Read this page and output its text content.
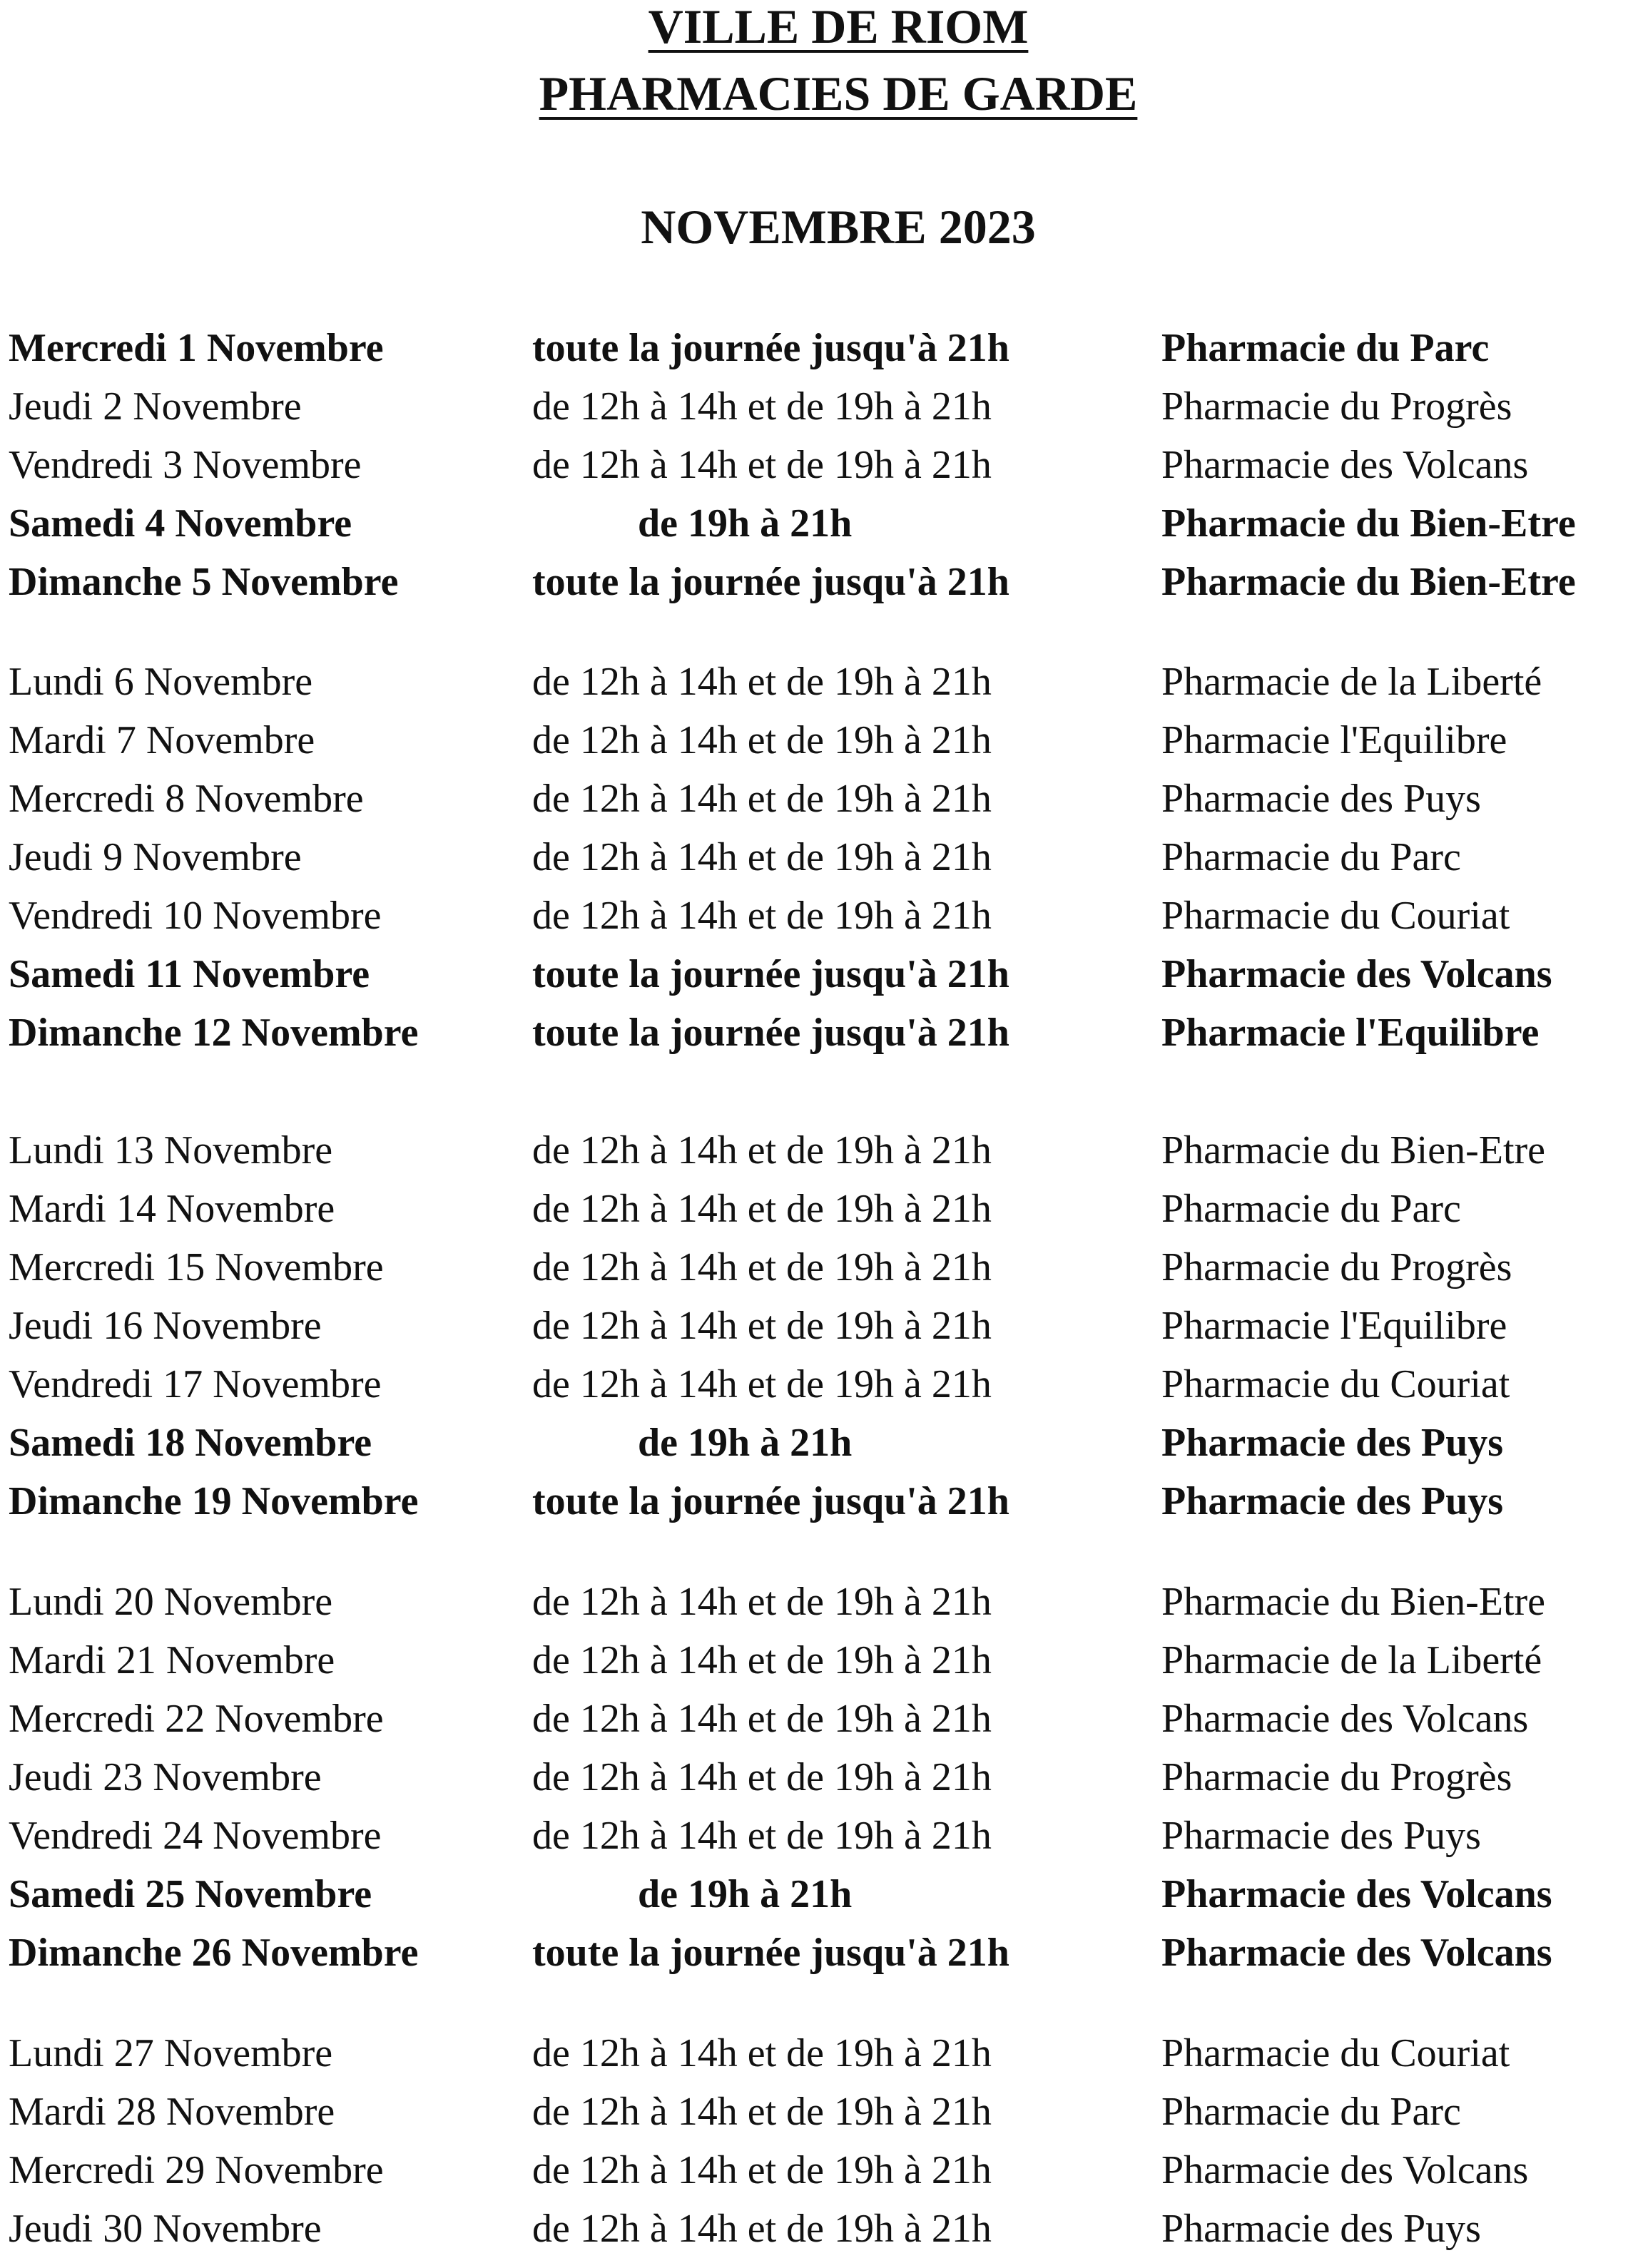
VILLE DE RIOM
PHARMACIES DE GARDE
NOVEMBRE 2023
Mercredi 1 Novembre	toute la journée jusqu'à 21h	Pharmacie du Parc
Jeudi 2 Novembre	de 12h à 14h et de 19h à 21h	Pharmacie du Progrès
Vendredi 3 Novembre	de 12h à 14h et de 19h à 21h	Pharmacie des Volcans
Samedi 4 Novembre	de 19h à 21h	Pharmacie du Bien-Etre
Dimanche 5 Novembre	toute la journée jusqu'à 21h	Pharmacie du Bien-Etre
Lundi 6 Novembre	de 12h à 14h et de 19h à 21h	Pharmacie de la Liberté
Mardi 7 Novembre	de 12h à 14h et de 19h à 21h	Pharmacie l'Equilibre
Mercredi 8 Novembre	de 12h à 14h et de 19h à 21h	Pharmacie des Puys
Jeudi 9 Novembre	de 12h à 14h et de 19h à 21h	Pharmacie du Parc
Vendredi 10 Novembre	de 12h à 14h et de 19h à 21h	Pharmacie du Couriat
Samedi 11 Novembre	toute la journée jusqu'à 21h	Pharmacie des Volcans
Dimanche 12 Novembre	toute la journée jusqu'à 21h	Pharmacie l'Equilibre
Lundi 13 Novembre	de 12h à 14h et de 19h à 21h	Pharmacie du Bien-Etre
Mardi 14 Novembre	de 12h à 14h et de 19h à 21h	Pharmacie du Parc
Mercredi 15 Novembre	de 12h à 14h et de 19h à 21h	Pharmacie du Progrès
Jeudi 16 Novembre	de 12h à 14h et de 19h à 21h	Pharmacie l'Equilibre
Vendredi 17 Novembre	de 12h à 14h et de 19h à 21h	Pharmacie du Couriat
Samedi 18 Novembre	de 19h à 21h	Pharmacie des Puys
Dimanche 19 Novembre	toute la journée jusqu'à 21h	Pharmacie des Puys
Lundi 20 Novembre	de 12h à 14h et de 19h à 21h	Pharmacie du Bien-Etre
Mardi 21 Novembre	de 12h à 14h et de 19h à 21h	Pharmacie de la Liberté
Mercredi 22 Novembre	de 12h à 14h et de 19h à 21h	Pharmacie des Volcans
Jeudi 23 Novembre	de 12h à 14h et de 19h à 21h	Pharmacie du Progrès
Vendredi 24 Novembre	de 12h à 14h et de 19h à 21h	Pharmacie des Puys
Samedi 25 Novembre	de 19h à 21h	Pharmacie des Volcans
Dimanche 26 Novembre	toute la journée jusqu'à 21h	Pharmacie des Volcans
Lundi 27 Novembre	de 12h à 14h et de 19h à 21h	Pharmacie du Couriat
Mardi 28 Novembre	de 12h à 14h et de 19h à 21h	Pharmacie du Parc
Mercredi 29 Novembre	de 12h à 14h et de 19h à 21h	Pharmacie des Volcans
Jeudi 30 Novembre	de 12h à 14h et de 19h à 21h	Pharmacie des Puys
